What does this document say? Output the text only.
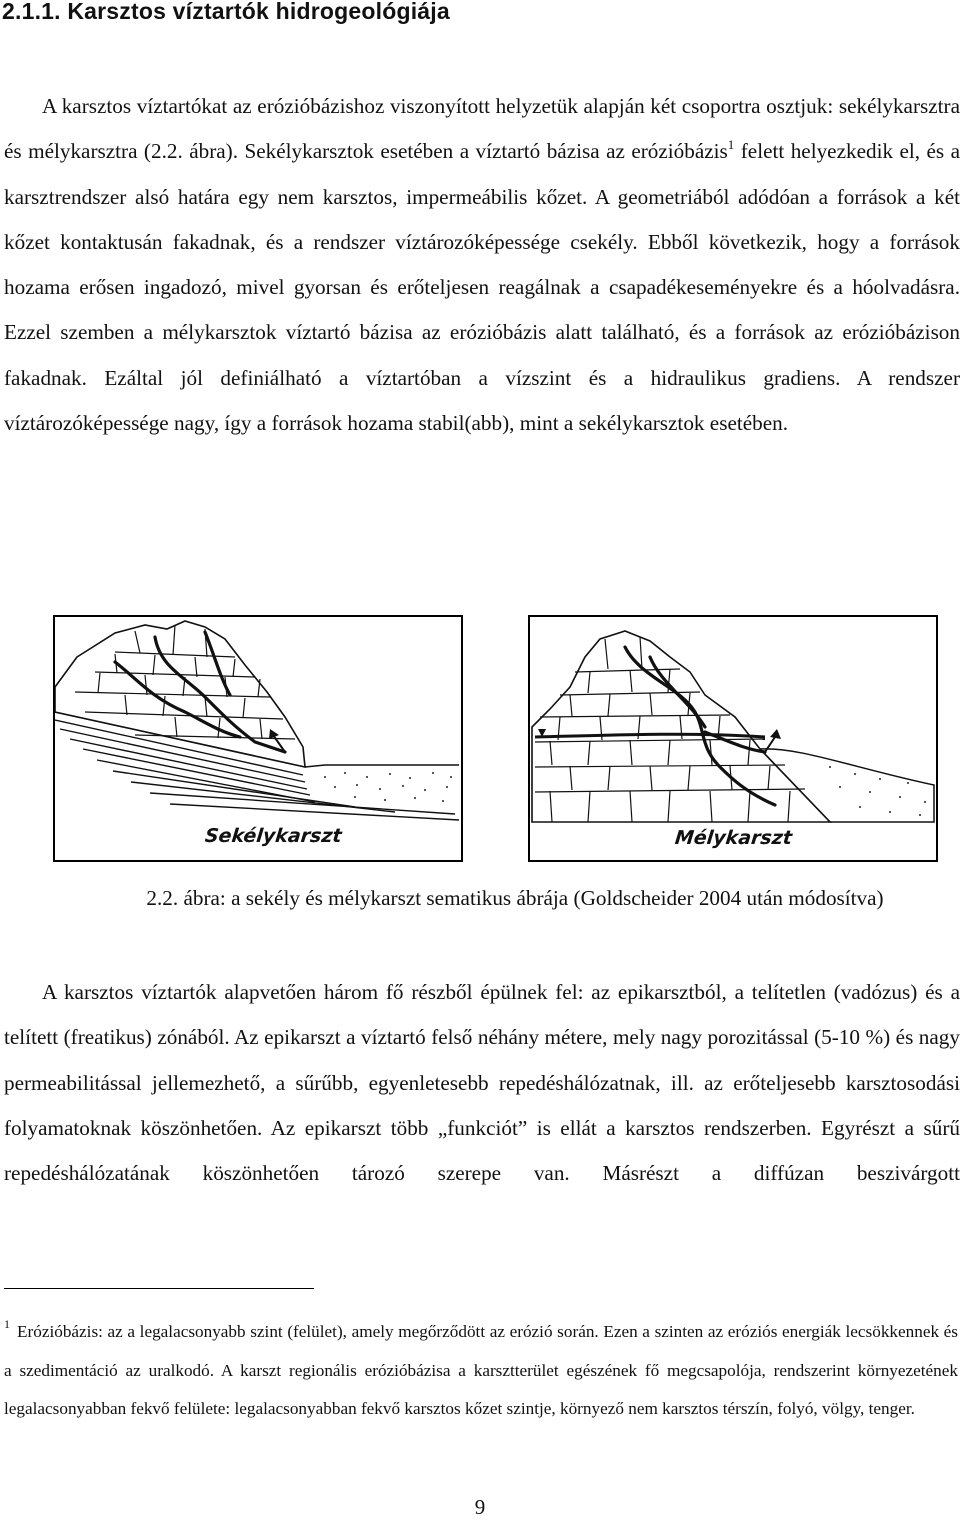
2.1.1. Karsztos víztartók hidrogeológiája

A karsztos víztartókat az erózióbázishoz viszonyított helyzetük alapján két csoportra osztjuk: sekélykarsztra és mélykarsztra (2.2. ábra). Sekélykarsztok esetében a víztartó bázisa az erózióbázis$^1$ felett helyezkedik el, és a karsztrendszer alsó határa egy nem karsztos, impermeábilis kőzet. A geometriából adódóan a források a két kőzet kontaktusán fakadnak, és a rendszer víztározóképessége csekély. Ebből következik, hogy a források hozama erősen ingadozó, mivel gyorsan és erőteljesen reagálnak a csapadékeseményekre és a hóolvadásra. Ezzel szemben a mélykarsztok víztartó bázisa az erózióbázis alatt található, és a források az erózióbázison fakadnak. Ezáltal jól definiálható a víztartóban a vízszint és a hidraulikus gradiens. A rendszer víztározóképessége nagy, így a források hozama stabil(abb), mint a sekélykarsztok esetében.

Sekélykarszt	Mélykarszt

2.2. ábra: a sekély és mélykarszt sematikus ábrája (Goldscheider 2004 után módosítva)

A karsztos víztartók alapvetően három fő részből épülnek fel: az epikarsztból, a telítetlen (vadózus) és a telített (freatikus) zónából. Az epikarszt a víztartó felső néhány métere, mely nagy porozitással (5-10 %) és nagy permeabilitással jellemezhető, a sűrűbb, egyenletesebb repedéshálózatnak, ill. az erőteljesebb karsztosodási folyamatoknak köszönhetően. Az epikarszt több „funkciót” is ellát a karsztos rendszerben. Egyrészt a sűrű repedéshálózatának köszönhetően tározó szerepe van. Másrészt a diffúzan beszivárgott

$^1$ Erózióbázis: az a legalacsonyabb szint (felület), amely megőrződött az erózió során. Ezen a szinten az eróziós energiák lecsökkennek és a szedimentáció az uralkodó. A karszt regionális erózióbázisa a karsztterület egészének fő megcsapolója, rendszerint környezetének legalacsonyabban fekvő felülete: legalacsonyabban fekvő karsztos kőzet szintje, környező nem karsztos térszín, folyó, völgy, tenger.

9
